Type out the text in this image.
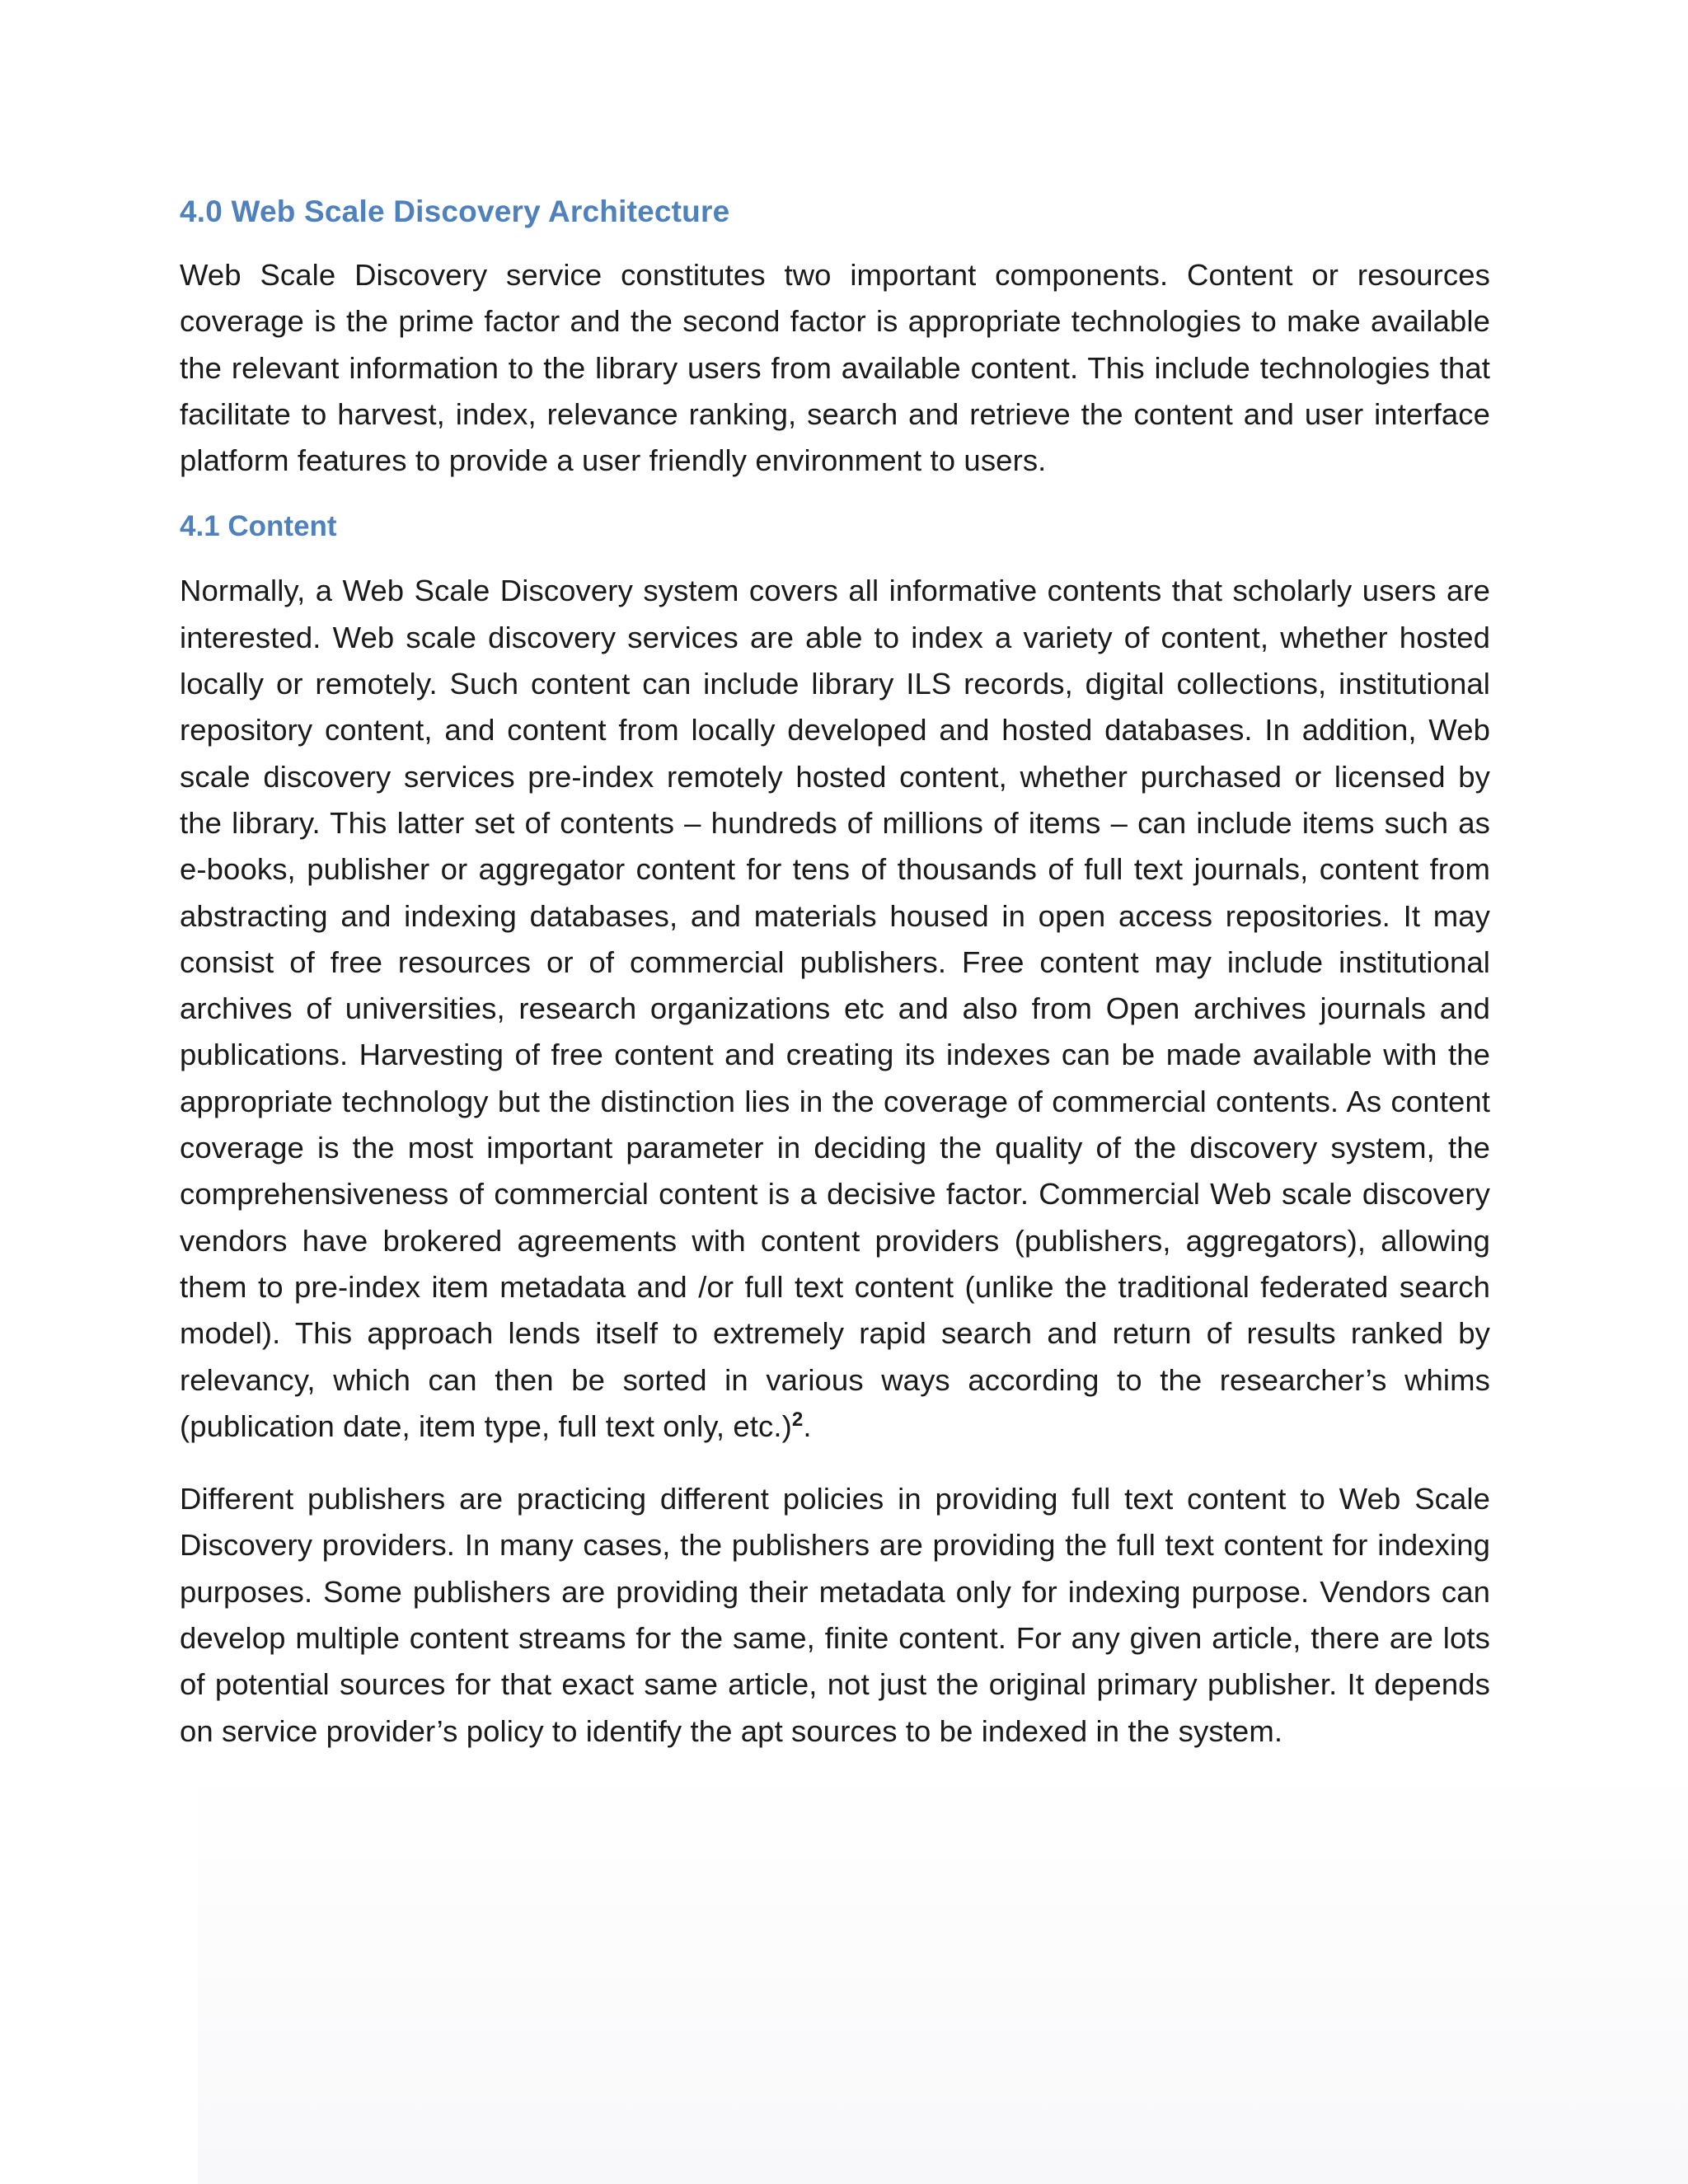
4.0 Web Scale Discovery Architecture

Web Scale Discovery service constitutes two important components. Content or resources coverage is the prime factor and the second factor is appropriate technologies to make available the relevant information to the library users from available content. This include technologies that facilitate to harvest, index, relevance ranking, search and retrieve the content and user interface platform features to provide a user friendly environment to users.

4.1 Content

Normally, a Web Scale Discovery system covers all informative contents that scholarly users are interested. Web scale discovery services are able to index a variety of content, whether hosted locally or remotely. Such content can include library ILS records, digital collections, institutional repository content, and content from locally developed and hosted databases. In addition, Web scale discovery services pre-index remotely hosted content, whether purchased or licensed by the library. This latter set of contents – hundreds of millions of items – can include items such as e-books, publisher or aggregator content for tens of thousands of full text journals, content from abstracting and indexing databases, and materials housed in open access repositories. It may consist of free resources or of commercial publishers. Free content may include institutional archives of universities, research organizations etc and also from Open archives journals and publications. Harvesting of free content and creating its indexes can be made available with the appropriate technology but the distinction lies in the coverage of commercial contents. As content coverage is the most important parameter in deciding the quality of the discovery system, the comprehensiveness of commercial content is a decisive factor. Commercial Web scale discovery vendors have brokered agreements with content providers (publishers, aggregators), allowing them to pre-index item metadata and /or full text content (unlike the traditional federated search model). This approach lends itself to extremely rapid search and return of results ranked by relevancy, which can then be sorted in various ways according to the researcher’s whims (publication date, item type, full text only, etc.)$^2$.

Different publishers are practicing different policies in providing full text content to Web Scale Discovery providers. In many cases, the publishers are providing the full text content for indexing purposes. Some publishers are providing their metadata only for indexing purpose. Vendors can develop multiple content streams for the same, finite content. For any given article, there are lots of potential sources for that exact same article, not just the original primary publisher. It depends on service provider’s policy to identify the apt sources to be indexed in the system.
